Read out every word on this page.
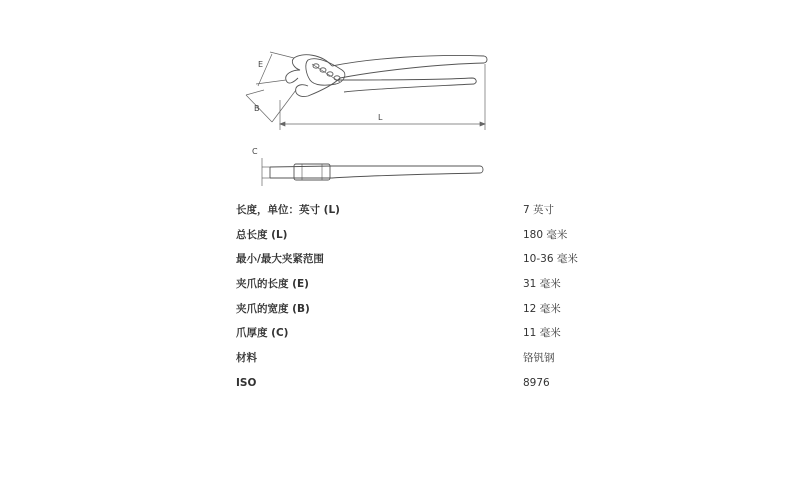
E
B
L
C
长度，单位：英寸 (L)	7 英寸
总长度 (L)	180 毫米
最小/最大夹紧范围	10-36 毫米
夹爪的长度 (E)	31 毫米
夹爪的宽度 (B)	12 毫米
爪厚度 (C)	11 毫米
材料	铬钒钢
ISO	8976
